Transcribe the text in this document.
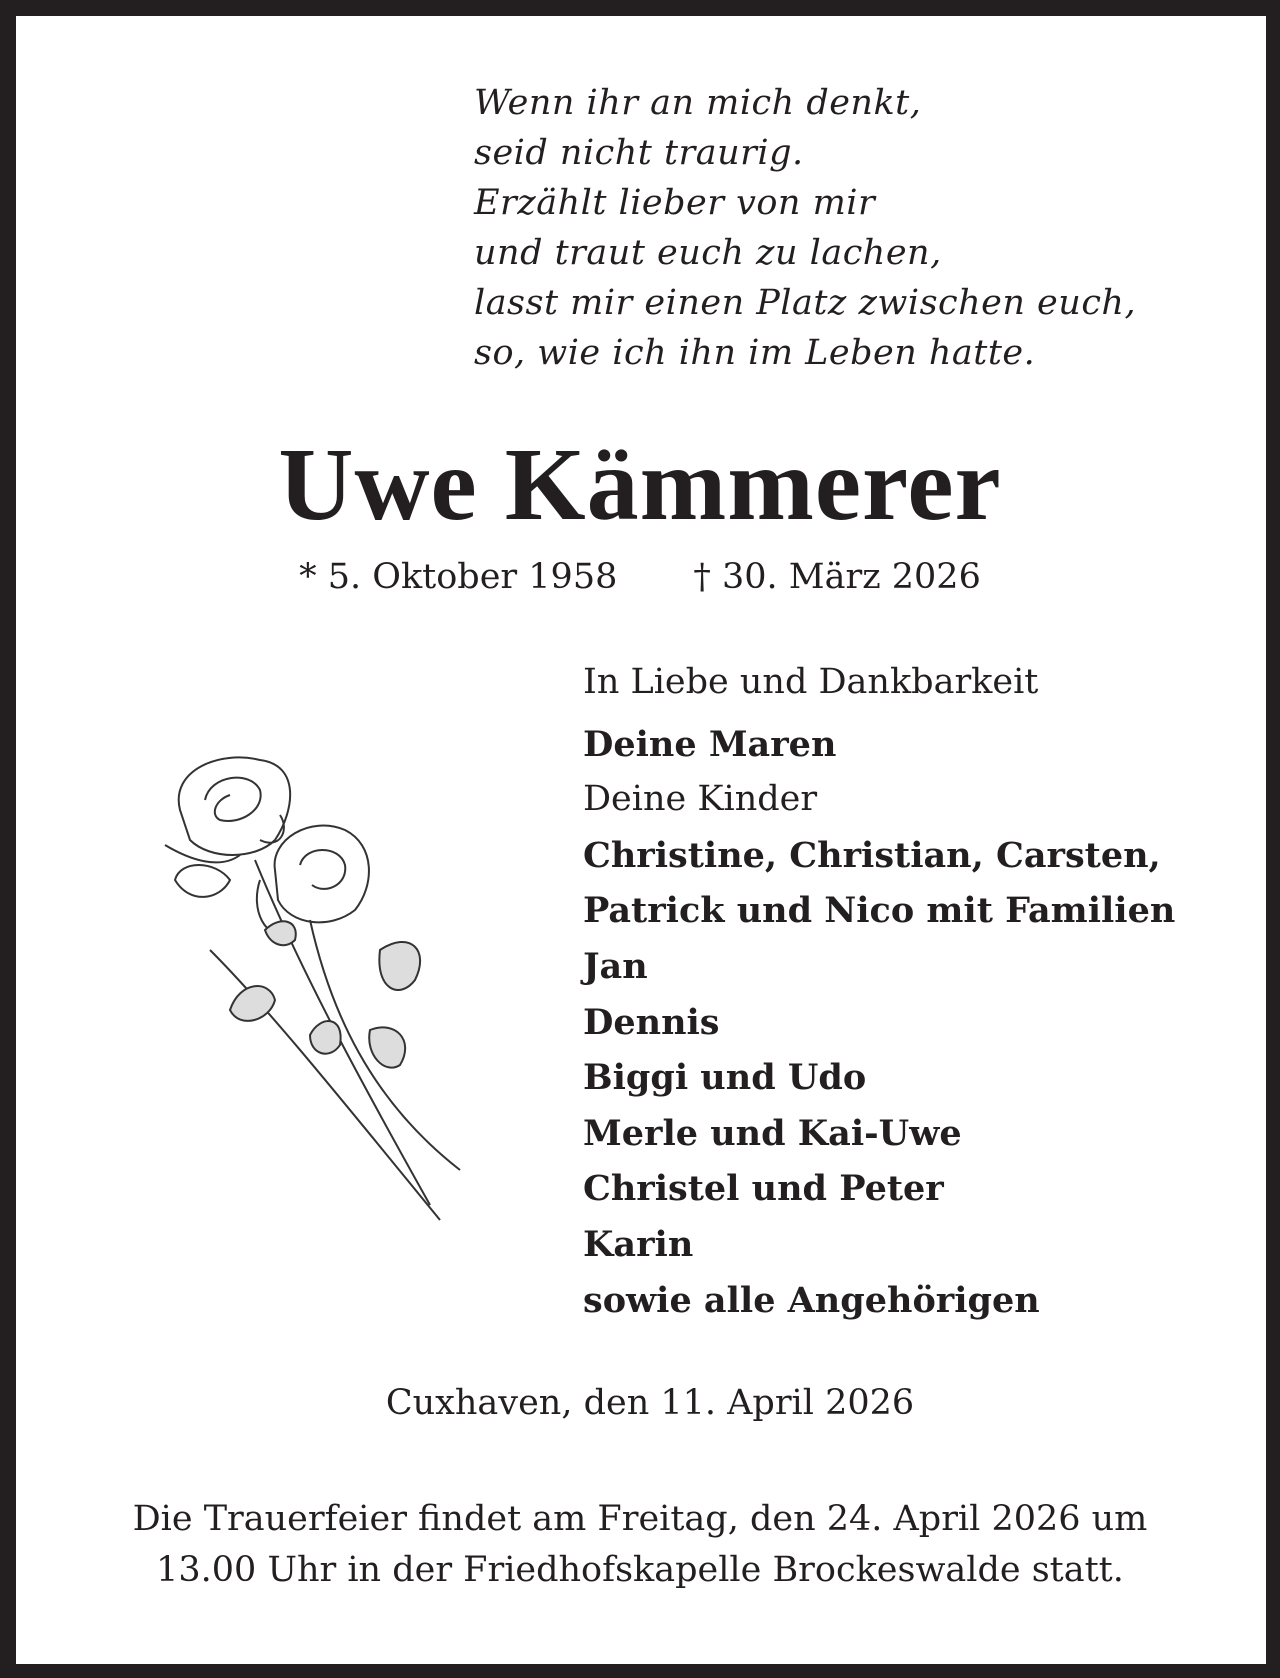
Wenn ihr an mich denkt,
seid nicht traurig.
Erzählt lieber von mir
und traut euch zu lachen,
lasst mir einen Platz zwischen euch,
so, wie ich ihn im Leben hatte.
Uwe Kämmerer
* 5. Oktober 1958 † 30. März 2026
In Liebe und Dankbarkeit
Deine Maren
Deine Kinder
Christine, Christian, Carsten,
Patrick und Nico mit Familien
Jan
Dennis
Biggi und Udo
Merle und Kai-Uwe
Christel und Peter
Karin
sowie alle Angehörigen
Cuxhaven, den 11. April 2026
Die Trauerfeier findet am Freitag, den 24. April 2026 um
13.00 Uhr in der Friedhofskapelle Brockeswalde statt.
